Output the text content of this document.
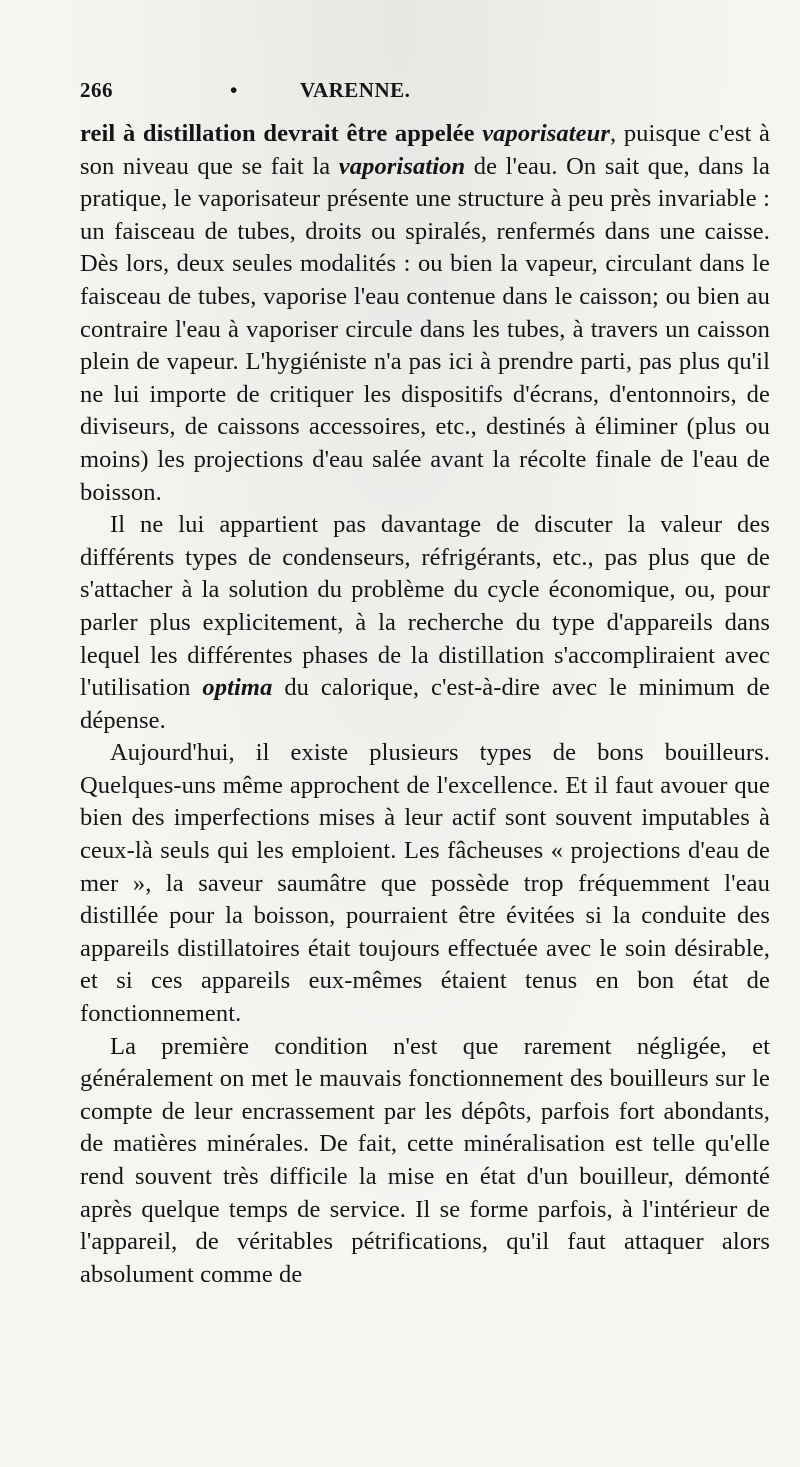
266	•	VARENNE.

reil à distillation devrait être appelée vaporisateur, puisque c'est à son niveau que se fait la vaporisation de l'eau. On sait que, dans la pratique, le vaporisateur présente une structure à peu près invariable : un faisceau de tubes, droits ou spiralés, renfermés dans une caisse. Dès lors, deux seules modalités : ou bien la vapeur, circulant dans le faisceau de tubes, vaporise l'eau contenue dans le caisson; ou bien au contraire l'eau à vaporiser circule dans les tubes, à travers un caisson plein de vapeur. L'hygiéniste n'a pas ici à prendre parti, pas plus qu'il ne lui importe de critiquer les dispositifs d'écrans, d'entonnoirs, de diviseurs, de caissons accessoires, etc., destinés à éliminer (plus ou moins) les projections d'eau salée avant la récolte finale de l'eau de boisson.

Il ne lui appartient pas davantage de discuter la valeur des différents types de condenseurs, réfrigérants, etc., pas plus que de s'attacher à la solution du problème du cycle économique, ou, pour parler plus explicitement, à la recherche du type d'appareils dans lequel les différentes phases de la distillation s'accompliraient avec l'utilisation optima du calorique, c'est-à-dire avec le minimum de dépense.

Aujourd'hui, il existe plusieurs types de bons bouilleurs. Quelques-uns même approchent de l'excellence. Et il faut avouer que bien des imperfections mises à leur actif sont souvent imputables à ceux-là seuls qui les emploient. Les fâcheuses « projections d'eau de mer », la saveur saumâtre que possède trop fréquemment l'eau distillée pour la boisson, pourraient être évitées si la conduite des appareils distillatoires était toujours effectuée avec le soin désirable, et si ces appareils eux-mêmes étaient tenus en bon état de fonctionnement.

La première condition n'est que rarement négligée, et généralement on met le mauvais fonctionnement des bouilleurs sur le compte de leur encrassement par les dépôts, parfois fort abondants, de matières minérales. De fait, cette minéralisation est telle qu'elle rend souvent très difficile la mise en état d'un bouilleur, démonté après quelque temps de service. Il se forme parfois, à l'intérieur de l'appareil, de véritables pétrifications, qu'il faut attaquer alors absolument comme de
